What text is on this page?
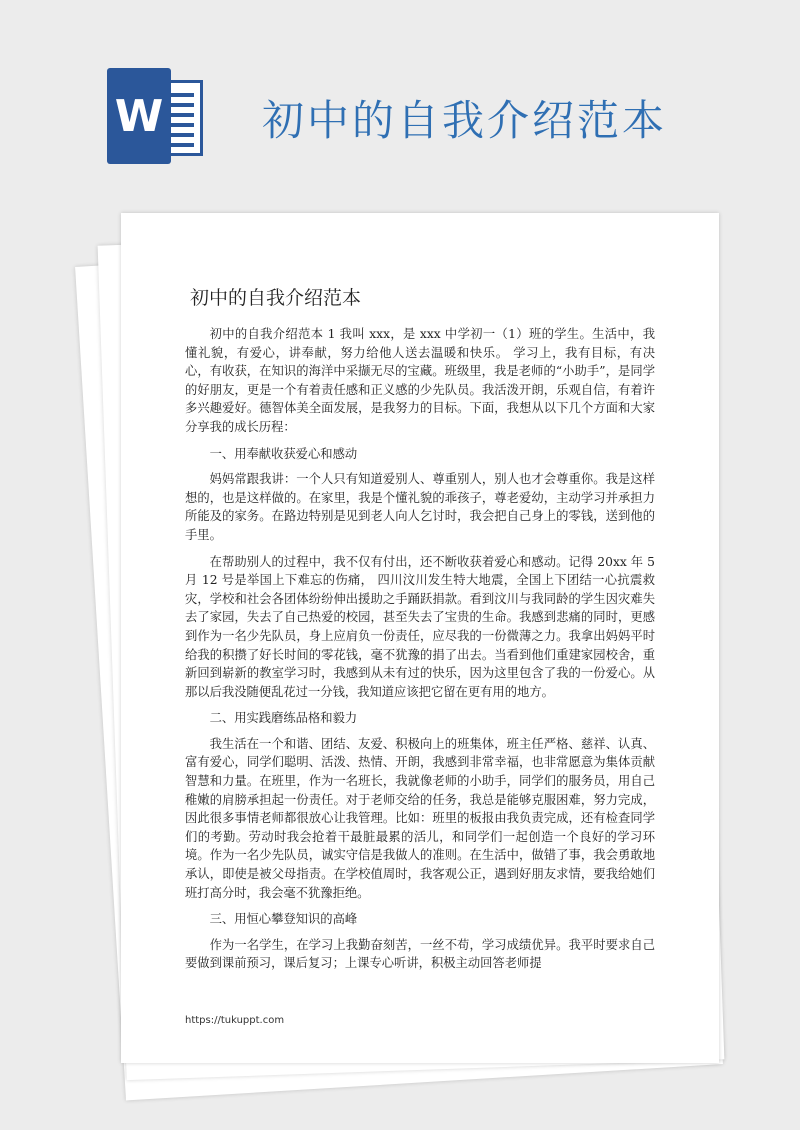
W 初中的自我介绍范本
初中的自我介绍范本

初中的自我介绍范本 1 我叫 xxx，是 xxx 中学初一（1）班的学生。生活中，我懂礼貌，有爱心，讲奉献，努力给他人送去温暖和快乐。 学习上，我有目标，有决心，有收获，在知识的海洋中采撷无尽的宝藏。班级里，我是老师的“小助手”，是同学的好朋友，更是一个有着责任感和正义感的少先队员。我活泼开朗，乐观自信，有着许多兴趣爱好。德智体美全面发展，是我努力的目标。下面，我想从以下几个方面和大家分享我的成长历程：

一、用奉献收获爱心和感动

妈妈常跟我讲：一个人只有知道爱别人、尊重别人，别人也才会尊重你。我是这样想的，也是这样做的。在家里，我是个懂礼貌的乖孩子，尊老爱幼，主动学习并承担力所能及的家务。在路边特别是见到老人向人乞讨时，我会把自己身上的零钱，送到他的手里。

在帮助别人的过程中，我不仅有付出，还不断收获着爱心和感动。记得 20xx 年 5 月 12 号是举国上下难忘的伤痛， 四川汶川发生特大地震，全国上下团结一心抗震救灾，学校和社会各团体纷纷伸出援助之手踊跃捐款。看到汶川与我同龄的学生因灾难失去了家园，失去了自己热爱的校园，甚至失去了宝贵的生命。我感到悲痛的同时，更感到作为一名少先队员，身上应肩负一份责任，应尽我的一份微薄之力。我拿出妈妈平时给我的积攒了好长时间的零花钱，毫不犹豫的捐了出去。当看到他们重建家园校舍，重新回到崭新的教室学习时，我感到从未有过的快乐，因为这里包含了我的一份爱心。从那以后我没随便乱花过一分钱，我知道应该把它留在更有用的地方。

二、用实践磨练品格和毅力

我生活在一个和谐、团结、友爱、积极向上的班集体，班主任严格、慈祥、认真、富有爱心，同学们聪明、活泼、热情、开朗，我感到非常幸福，也非常愿意为集体贡献智慧和力量。在班里，作为一名班长，我就像老师的小助手，同学们的服务员，用自己稚嫩的肩膀承担起一份责任。对于老师交给的任务，我总是能够克服困难，努力完成，因此很多事情老师都很放心让我管理。比如：班里的板报由我负责完成，还有检查同学们的考勤。劳动时我会抢着干最脏最累的活儿，和同学们一起创造一个良好的学习环境。作为一名少先队员，诚实守信是我做人的准则。在生活中，做错了事，我会勇敢地承认，即使是被父母指责。在学校值周时，我客观公正，遇到好朋友求情，要我给她们班打高分时，我会毫不犹豫拒绝。

三、用恒心攀登知识的高峰

作为一名学生，在学习上我勤奋刻苦，一丝不苟，学习成绩优异。我平时要求自己要做到课前预习，课后复习；上课专心听讲，积极主动回答老师提

https://tukuppt.com
